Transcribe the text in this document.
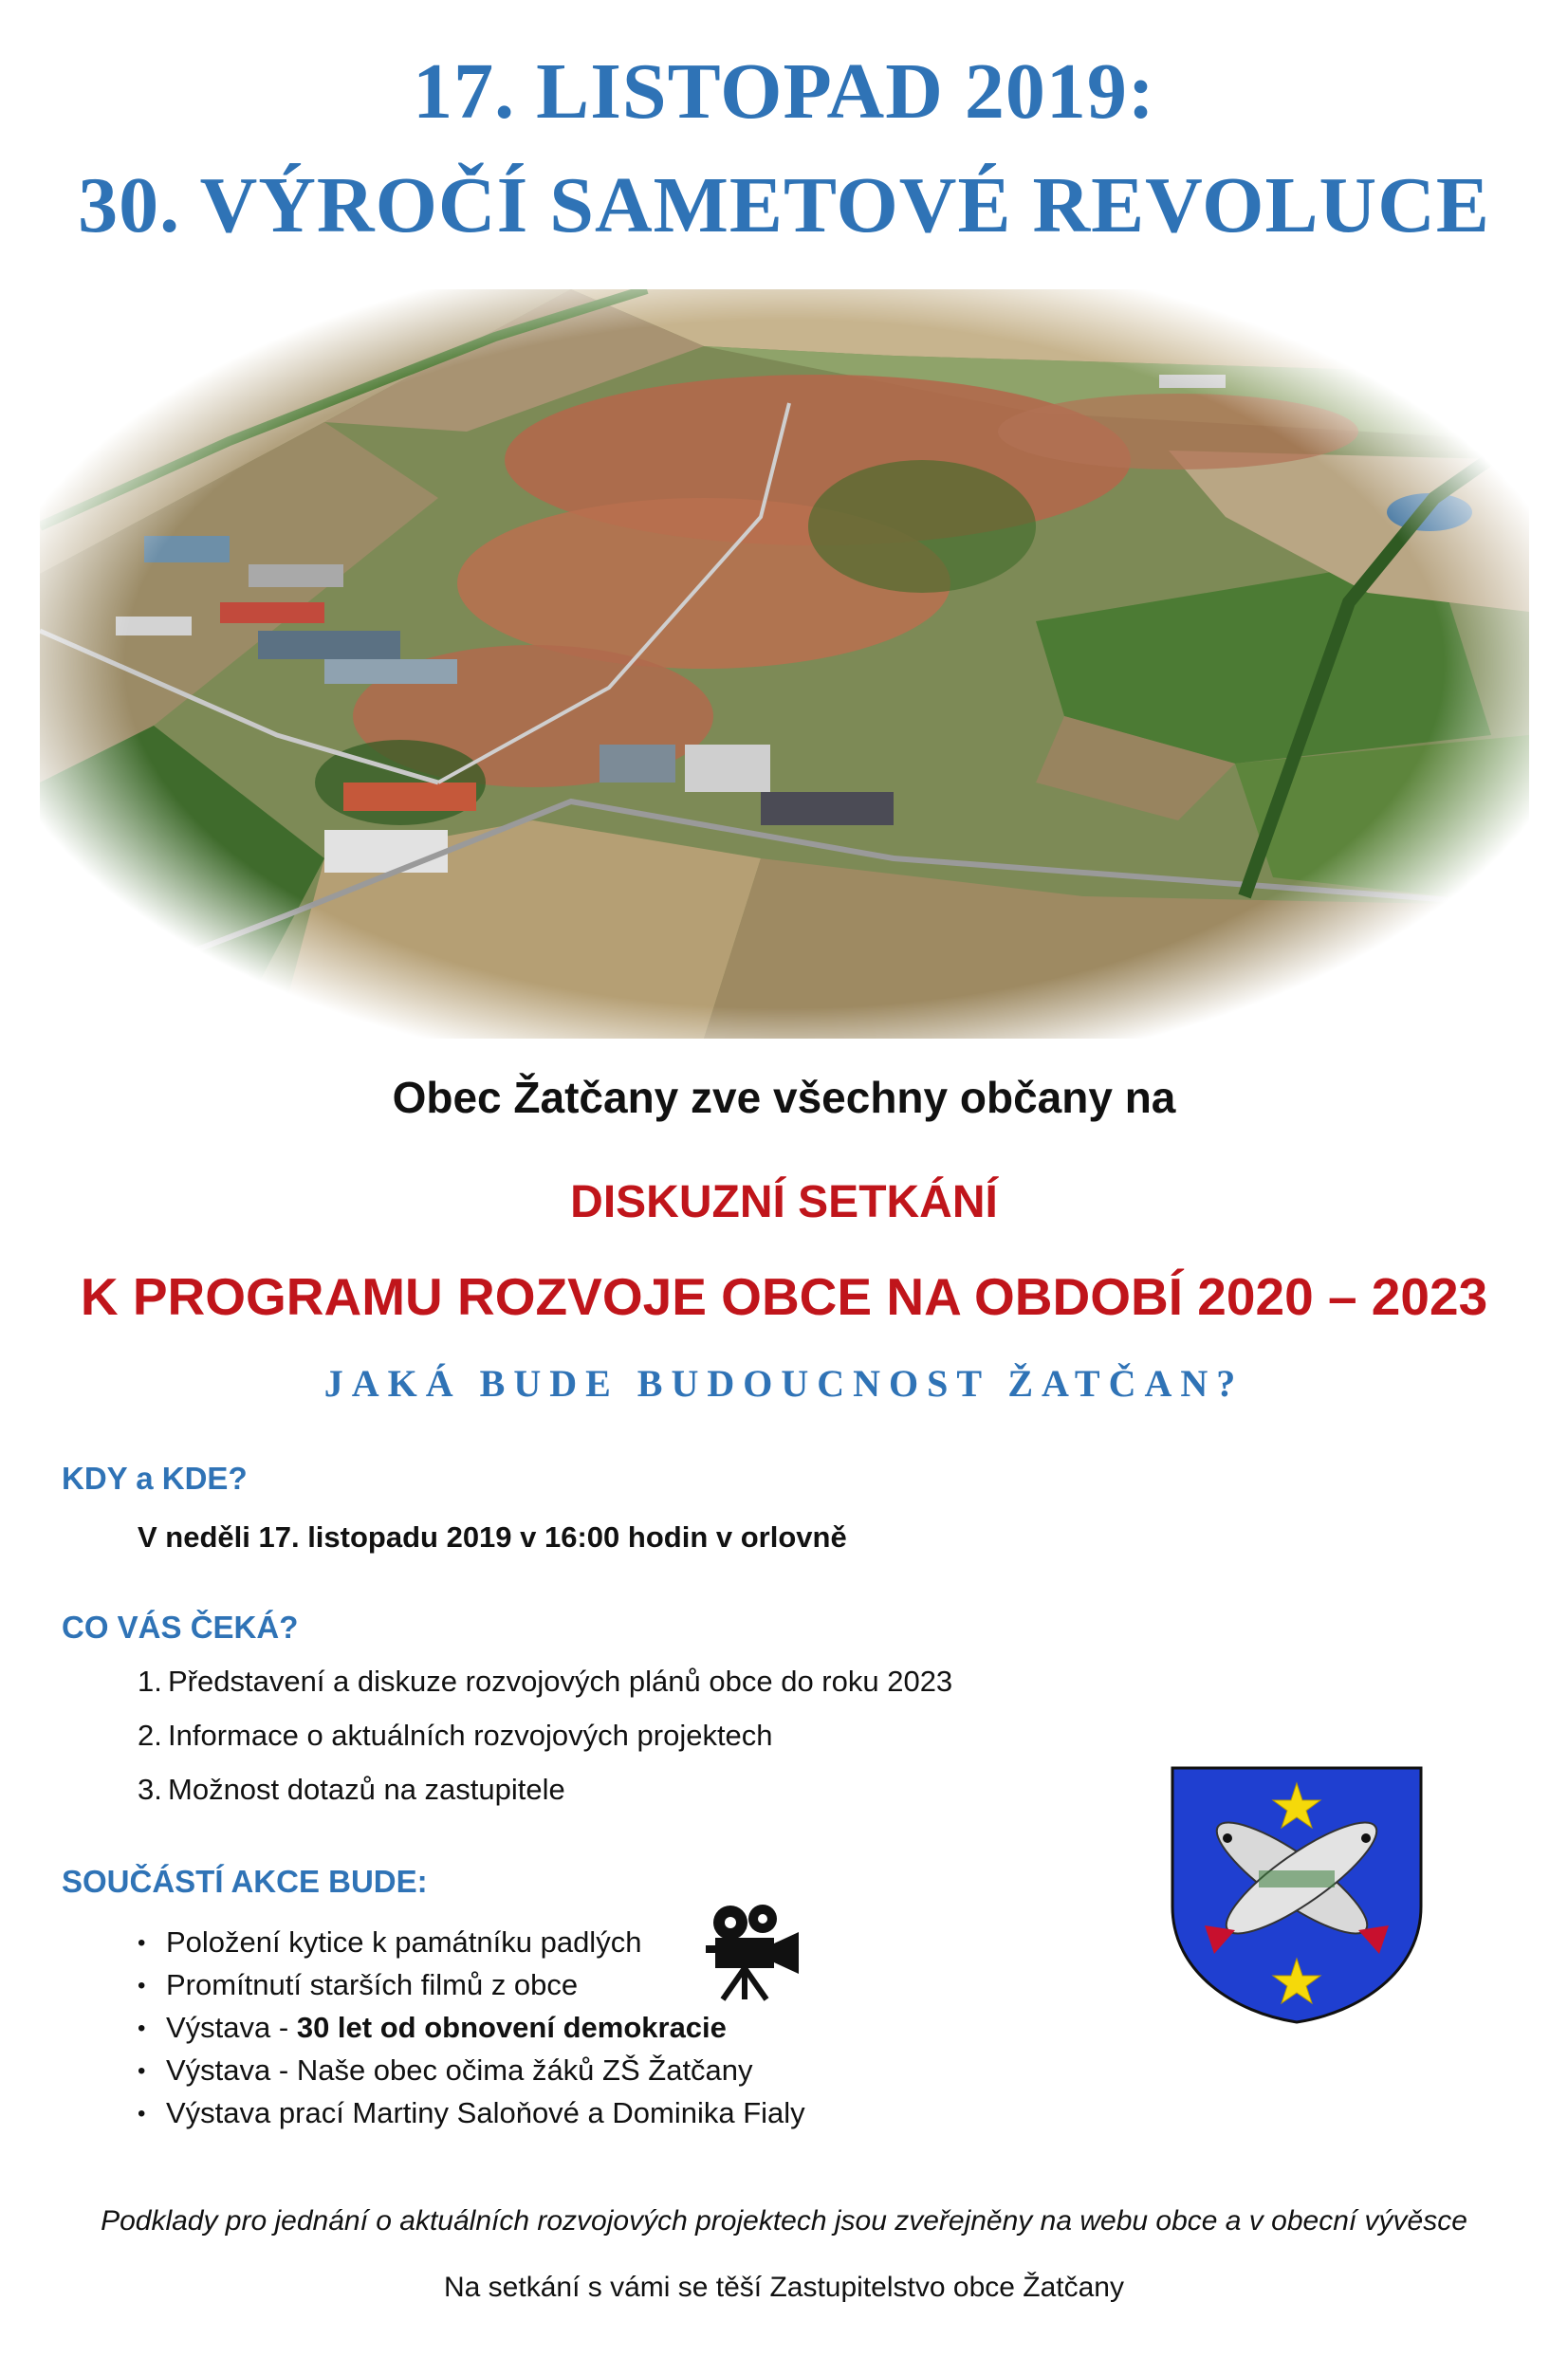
17. LISTOPAD 2019:
30. VÝROČÍ SAMETOVÉ REVOLUCE
Obec Žatčany zve všechny občany na
DISKUZNÍ SETKÁNÍ
K PROGRAMU ROZVOJE OBCE NA OBDOBÍ 2020 – 2023
JAKÁ BUDE BUDOUCNOST ŽATČAN?
KDY a KDE?
V neděli 17. listopadu 2019 v 16:00 hodin v orlovně
CO VÁS ČEKÁ?
1. Představení a diskuze rozvojových plánů obce do roku 2023
2. Informace o aktuálních rozvojových projektech
3. Možnost dotazů na zastupitele
SOUČÁSTÍ AKCE BUDE:
• Položení kytice k památníku padlých
• Promítnutí starších filmů z obce
• Výstava - 30 let od obnovení demokracie
• Výstava - Naše obec očima žáků ZŠ Žatčany
• Výstava prací Martiny Saloňové a Dominika Fialy
Podklady pro jednání o aktuálních rozvojových projektech jsou zveřejněny na webu obce a v obecní vývěsce
Na setkání s vámi se těší Zastupitelstvo obce Žatčany
